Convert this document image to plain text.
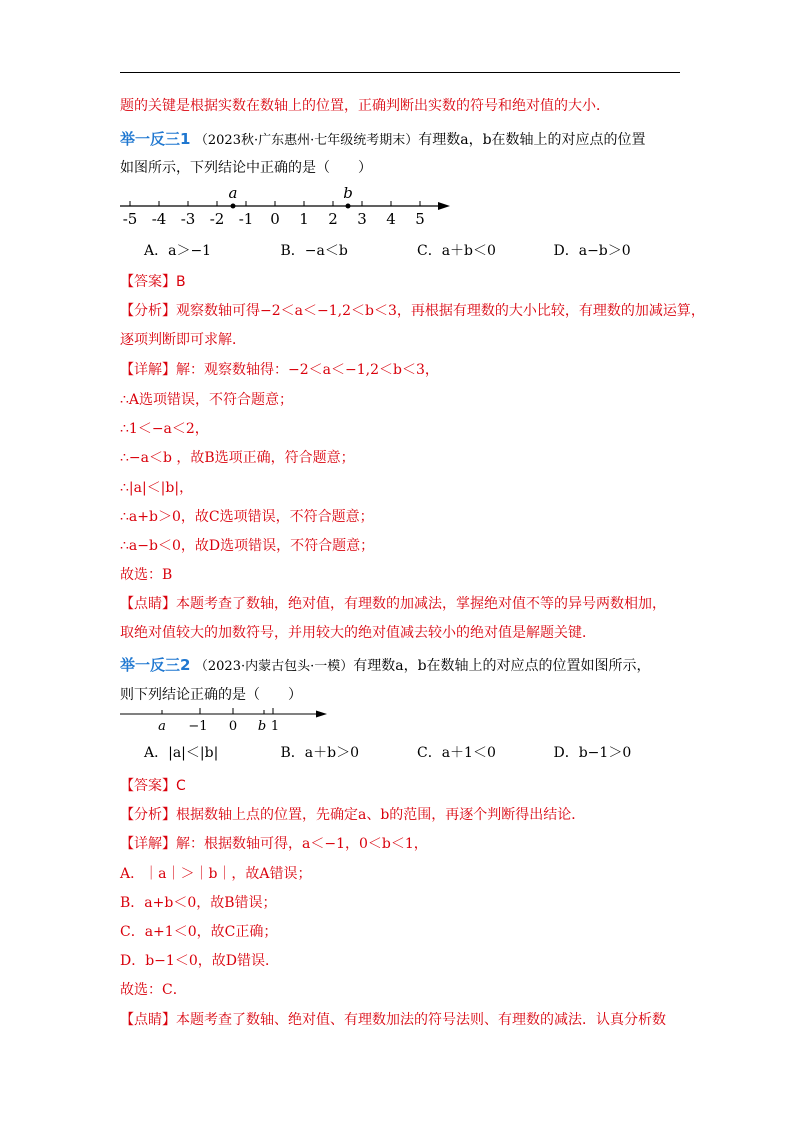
题的关键是根据实数在数轴上的位置，正确判断出实数的符号和绝对值的大小．
举一反三1 （2023秋·广东惠州·七年级统考期末）有理数a，b在数轴上的对应点的位置
如图所示，下列结论中正确的是（　　）
-5 -4 -3 -2 -1 0 1 2 3 4 5
a	b
A．a＞−1	B．−a＜b	C．a＋b＜0	D．a−b＞0
【答案】B
【分析】观察数轴可得−2＜a＜−1,2＜b＜3，再根据有理数的大小比较，有理数的加减运算，
逐项判断即可求解．
【详解】解：观察数轴得：−2＜a＜−1,2＜b＜3，
∴A选项错误，不符合题意；
∴1＜−a＜2，
∴−a＜b ，故B选项正确，符合题意；
∴|a|＜|b|，
∴a+b＞0，故C选项错误，不符合题意；
∴a−b＜0，故D选项错误，不符合题意；
故选：B
【点睛】本题考查了数轴，绝对值，有理数的加减法，掌握绝对值不等的异号两数相加，
取绝对值较大的加数符号，并用较大的绝对值减去较小的绝对值是解题关键．
举一反三2 （2023·内蒙古包头·一模）有理数a，b在数轴上的对应点的位置如图所示，
则下列结论正确的是（　　）
a −1 0 b 1
A．|a|＜|b|	B．a＋b＞0	C．a＋1＜0	D．b−1＞0
【答案】C
【分析】根据数轴上点的位置，先确定a、b的范围，再逐个判断得出结论．
【详解】解：根据数轴可得，a＜−1，0＜b＜1，
A．｜a｜＞｜b｜，故A错误；
B．a+b＜0，故B错误；
C．a+1＜0，故C正确；
D．b−1＜0，故D错误．
故选：C．
【点睛】本题考查了数轴、绝对值、有理数加法的符号法则、有理数的减法．认真分析数
